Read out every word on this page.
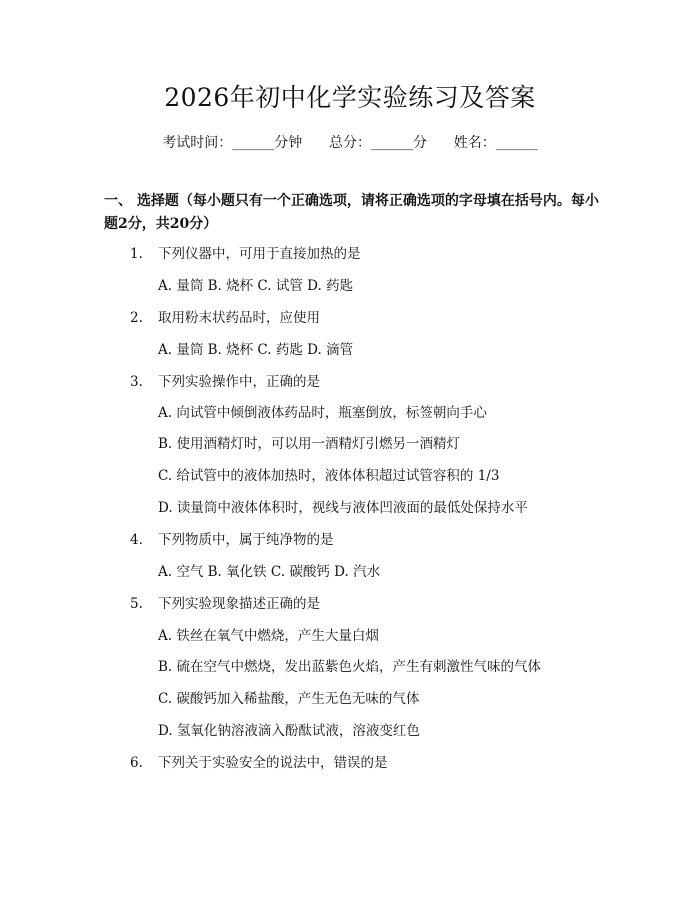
2026年初中化学实验练习及答案
考试时间：______分钟      总分：______分      姓名：______
一、 选择题（每小题只有一个正确选项，请将正确选项的字母填在括号内。每小题2分，共20分）
1.	下列仪器中，可用于直接加热的是
A. 量筒 B. 烧杯 C. 试管 D. 药匙
2.	取用粉末状药品时，应使用
A. 量筒 B. 烧杯 C. 药匙 D. 滴管
3.	下列实验操作中，正确的是
A. 向试管中倾倒液体药品时，瓶塞倒放，标签朝向手心
B. 使用酒精灯时，可以用一酒精灯引燃另一酒精灯
C. 给试管中的液体加热时，液体体积超过试管容积的 1/3
D. 读量筒中液体体积时，视线与液体凹液面的最低处保持水平
4.	下列物质中，属于纯净物的是
A. 空气 B. 氧化铁 C. 碳酸钙 D. 汽水
5.	下列实验现象描述正确的是
A. 铁丝在氧气中燃烧，产生大量白烟
B. 硫在空气中燃烧，发出蓝紫色火焰，产生有刺激性气味的气体
C. 碳酸钙加入稀盐酸，产生无色无味的气体
D. 氢氧化钠溶液滴入酚酞试液，溶液变红色
6.	下列关于实验安全的说法中，错误的是
